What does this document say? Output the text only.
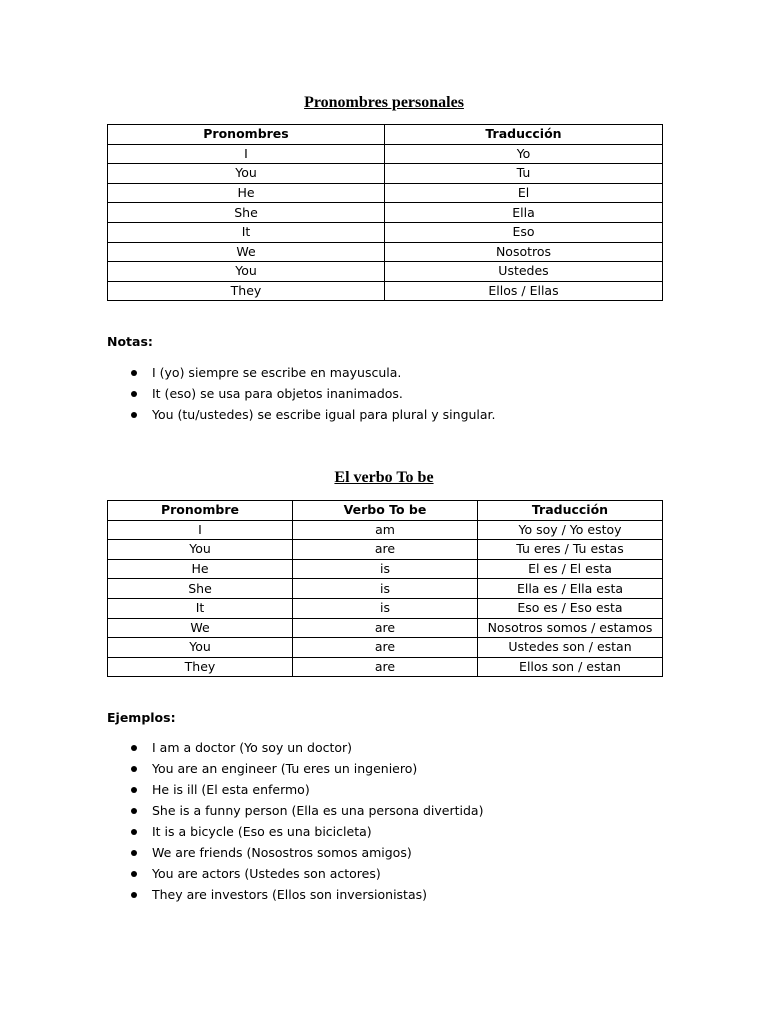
Pronombres personales
Pronombres	Traducción
I	Yo
You	Tu
He	El
She	Ella
It	Eso
We	Nosotros
You	Ustedes
They	Ellos / Ellas
Notas:
I (yo) siempre se escribe en mayuscula.
It (eso) se usa para objetos inanimados.
You (tu/ustedes) se escribe igual para plural y singular.
El verbo To be
Pronombre	Verbo To be	Traducción
I	am	Yo soy / Yo estoy
You	are	Tu eres / Tu estas
He	is	El es / El esta
She	is	Ella es / Ella esta
It	is	Eso es / Eso esta
We	are	Nosotros somos / estamos
You	are	Ustedes son / estan
They	are	Ellos son / estan
Ejemplos:
I am a doctor (Yo soy un doctor)
You are an engineer (Tu eres un ingeniero)
He is ill (El esta enfermo)
She is a funny person (Ella es una persona divertida)
It is a bicycle (Eso es una bicicleta)
We are friends (Nosostros somos amigos)
You are actors (Ustedes son actores)
They are investors (Ellos son inversionistas)
